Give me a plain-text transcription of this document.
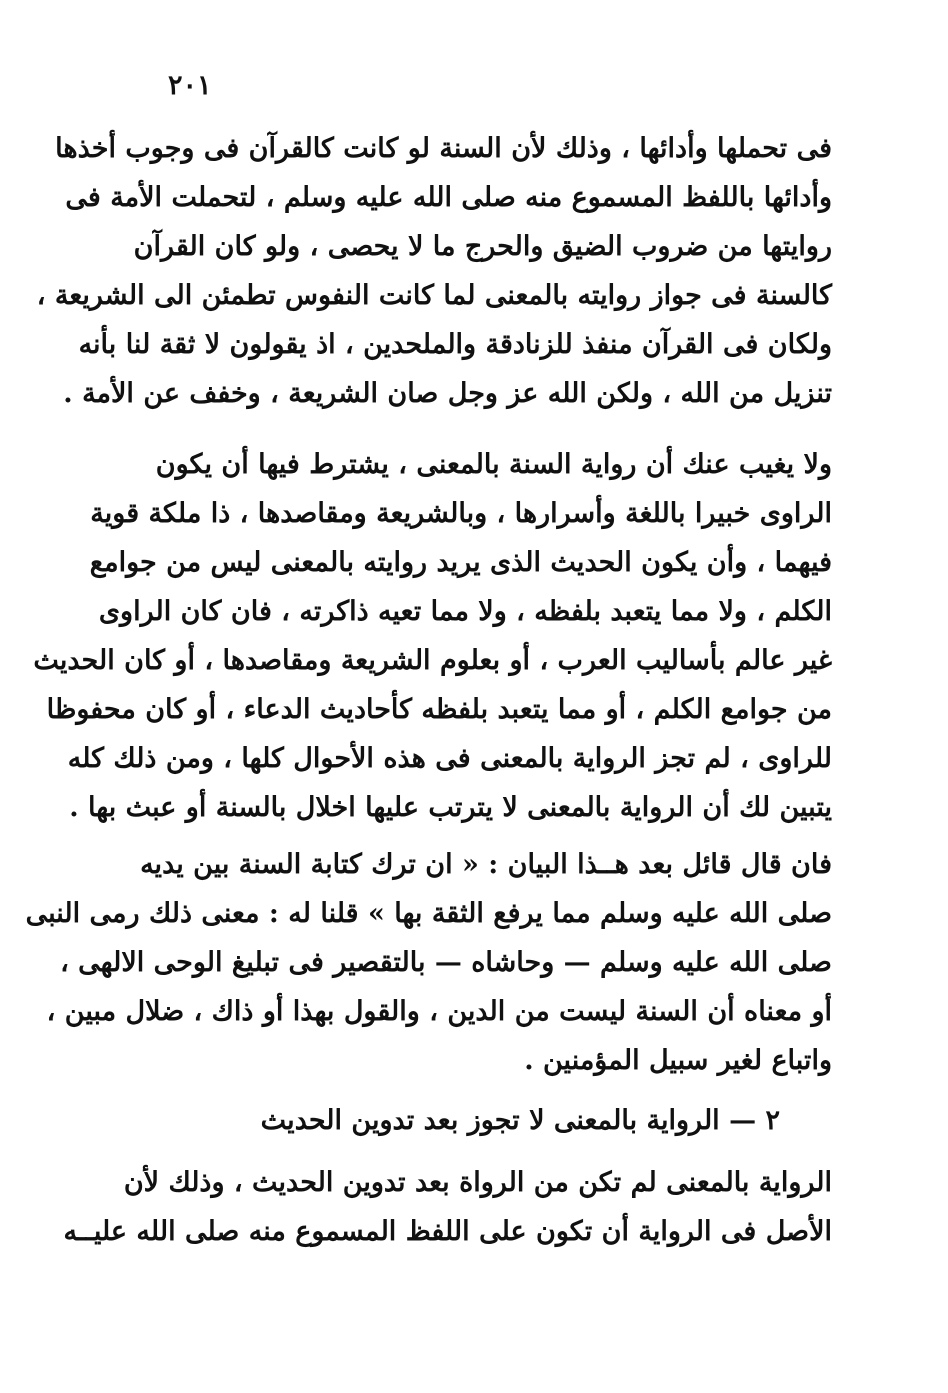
٢٠١
فى تحملها وأدائها ، وذلك لأن السنة لو كانت كالقرآن فى وجوب أخذها
وأدائها باللفظ المسموع منه صلى الله عليه وسلم ، لتحملت الأمة فى
روايتها من ضروب الضيق والحرج ما لا يحصى ، ولو كان القرآن
كالسنة فى جواز روايته بالمعنى لما كانت النفوس تطمئن الى الشريعة ،
ولكان فى القرآن منفذ للزنادقة والملحدين ، اذ يقولون لا ثقة لنا بأنه
تنزيل من الله ، ولكن الله عز وجل صان الشريعة ، وخفف عن الأمة .
ولا يغيب عنك أن رواية السنة بالمعنى ، يشترط فيها أن يكون
الراوى خبيرا باللغة وأسرارها ، وبالشريعة ومقاصدها ، ذا ملكة قوية
فيهما ، وأن يكون الحديث الذى يريد روايته بالمعنى ليس من جوامع
الكلم ، ولا مما يتعبد بلفظه ، ولا مما تعيه ذاكرته ، فان كان الراوى
غير عالم بأساليب العرب ، أو بعلوم الشريعة ومقاصدها ، أو كان الحديث
من جوامع الكلم ، أو مما يتعبد بلفظه كأحاديث الدعاء ، أو كان محفوظا
للراوى ، لم تجز الرواية بالمعنى فى هذه الأحوال كلها ، ومن ذلك كله
يتبين لك أن الرواية بالمعنى لا يترتب عليها اخلال بالسنة أو عبث بها .
فان قال قائل بعد هــذا البيان : « ان ترك كتابة السنة بين يديه
صلى الله عليه وسلم مما يرفع الثقة بها » قلنا له : معنى ذلك رمى النبى
صلى الله عليه وسلم — وحاشاه — بالتقصير فى تبليغ الوحى الالهى ،
أو معناه أن السنة ليست من الدين ، والقول بهذا أو ذاك ، ضلال مبين ،
واتباع لغير سبيل المؤمنين .
٢ — الرواية بالمعنى لا تجوز بعد تدوين الحديث
الرواية بالمعنى لم تكن من الرواة بعد تدوين الحديث ، وذلك لأن
الأصل فى الرواية أن تكون على اللفظ المسموع منه صلى الله عليــه
